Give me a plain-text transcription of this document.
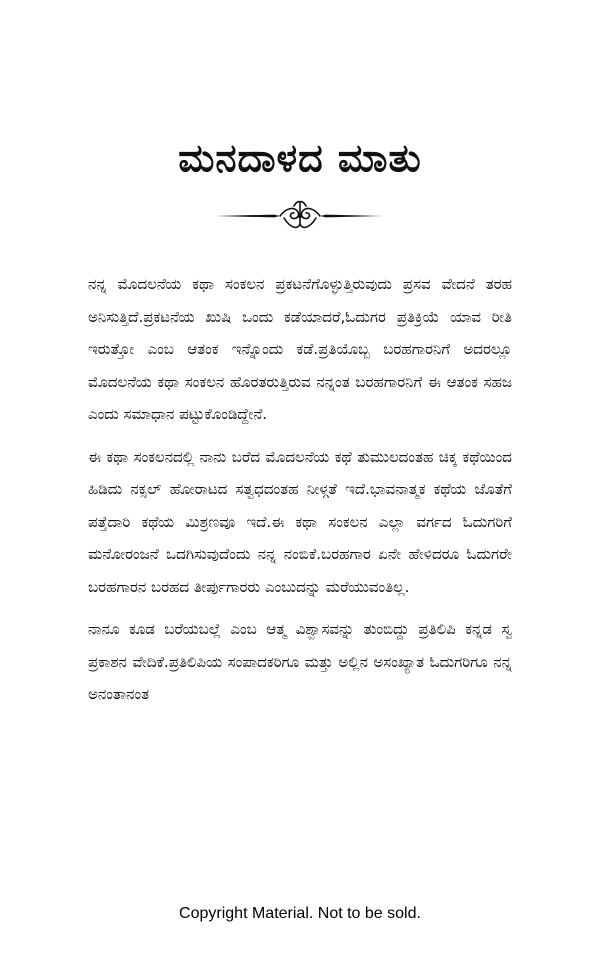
ಮನದಾಳದ ಮಾತು

ನನ್ನ ಮೊದಲನೆಯ ಕಥಾ ಸಂಕಲನ ಪ್ರಕಟನೆಗೊಳ್ಳುತ್ತಿರುವುದು ಪ್ರಸವ ವೇದನೆ ತರಹ ಅನಿಸುತ್ತಿದೆ.ಪ್ರಕಟನೆಯ ಖುಷಿ ಒಂದು ಕಡೆಯಾದರೆ,ಓದುಗರ ಪ್ರತಿಕ್ರಿಯೆ ಯಾವ ರೀತಿ ಇರುತ್ತೋ ಎಂಬ ಆತಂಕ ಇನ್ನೊಂದು ಕಡೆ.ಪ್ರತಿಯೊಬ್ಬ ಬರಹಗಾರನಿಗೆ ಅದರಲ್ಲೂ ಮೊದಲನೆಯ ಕಥಾ ಸಂಕಲನ ಹೊರತರುತ್ತಿರುವ ನನ್ನಂತ ಬರಹಗಾರನಿಗೆ ಈ ಆತಂಕ ಸಹಜ ಎಂದು ಸಮಾಧಾನ ಪಟ್ಟುಕೊಂಡಿದ್ದೇನೆ.

ಈ ಕಥಾ ಸಂಕಲನದಲ್ಲಿ ನಾನು ಬರೆದ ಮೊದಲನೆಯ ಕಥೆ ತುಮುಲದಂತಹ ಚಿಕ್ಕ ಕಥೆಯಿಂದ ಹಿಡಿದು ನಕ್ಸಲ್ ಹೋರಾಟದ ಸತ್ವಧದಂತಹ ನೀಳ್ಗತೆ ಇದೆ.ಭಾವನಾತ್ಮಕ ಕಥೆಯ ಜೊತೆಗೆ ಪತ್ತೆದಾರಿ ಕಥೆಯ ಮಿಶ್ರಣವೂ ಇದೆ.ಈ ಕಥಾ ಸಂಕಲನ ಎಲ್ಲಾ ವರ್ಗದ ಓದುಗರಿಗೆ ಮನೋರಂಜನೆ ಒದಗಿಸುವುದೆಂದು ನನ್ನ ನಂಬಿಕೆ.ಬರಹಗಾರ ಏನೇ ಹೇಳಿದರೂ ಓದುಗರೇ ಬರಹಗಾರನ ಬರಹದ ತೀರ್ಪುಗಾರರು ಎಂಬುದನ್ನು ಮರೆಯುವಂತಿಲ್ಲ.

ನಾನೂ ಕೂಡ ಬರೆಯಬಲ್ಲೆ ಎಂಬ ಆತ್ಮ ವಿಶ್ವಾಸವನ್ನು ತುಂಬಿದ್ದು ಪ್ರತಿಲಿಪಿ ಕನ್ನಡ ಸ್ವ ಪ್ರಕಾಶನ ವೇದಿಕೆ.ಪ್ರತಿಲಿಪಿಯ ಸಂಪಾದಕರಿಗೂ ಮತ್ತು ಅಲ್ಲಿನ ಅಸಂಖ್ಯಾತ ಓದುಗರಿಗೂ ನನ್ನ ಅನಂತಾನಂತ

Copyright Material. Not to be sold.
